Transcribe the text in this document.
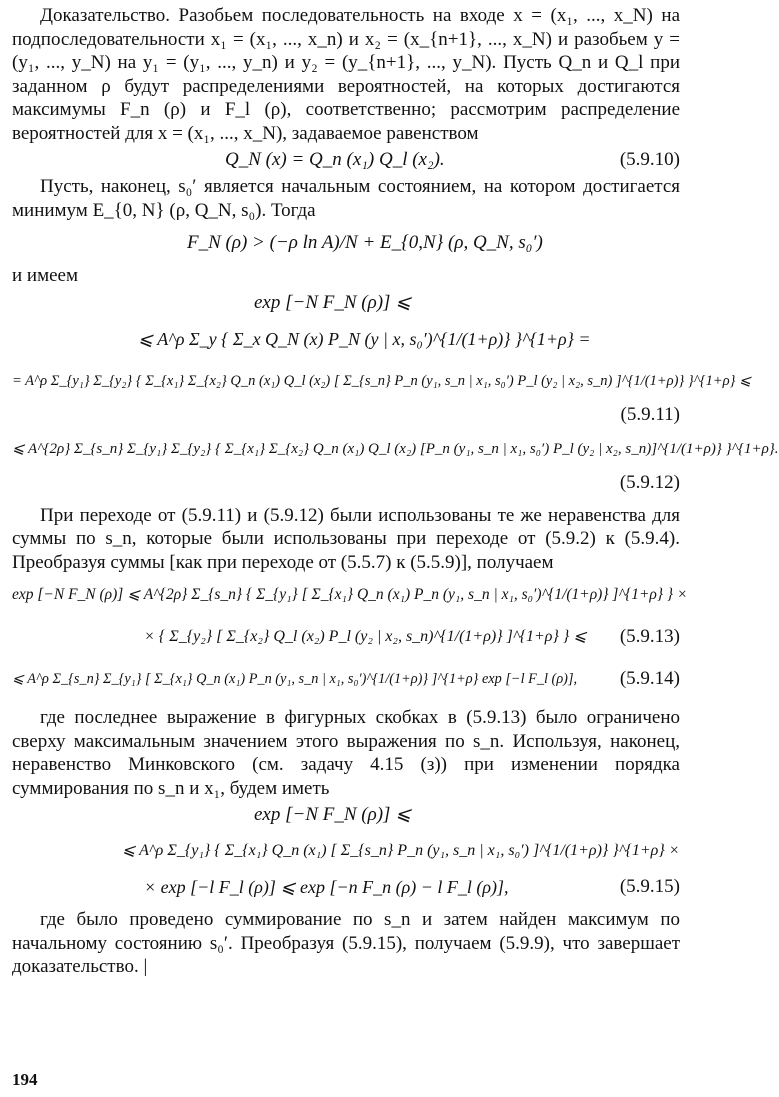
Доказательство. Разобьем последовательность на входе x = (x₁, ..., x_N) на подпоследовательности x₁ = (x₁, ..., x_n) и x₂ = (x_{n+1}, ..., x_N) и разобьем y = (y₁, ..., y_N) на y₁ = (y₁, ..., y_n) и y₂ = (y_{n+1}, ..., y_N). Пусть Q_n и Q_l при заданном ρ будут распределениями вероятностей, на которых достигаются максимумы F_n (ρ) и F_l (ρ), соответственно; рассмотрим распределение вероятностей для x = (x₁, ..., x_N), задаваемое равенством

Q_N (x) = Q_n (x₁) Q_l (x₂).	(5.9.10)

Пусть, наконец, s₀′ является начальным состоянием, на котором достигается минимум E_{0, N} (ρ, Q_N, s₀). Тогда

F_N (ρ) > (−ρ ln A)/N + E_{0,N} (ρ, Q_N, s₀′)

и имеем

exp [−N F_N (ρ)] ⩽
⩽ A^ρ Σ_y { Σ_x Q_N (x) P_N (y | x, s₀′)^{1/(1+ρ)} }^{1+ρ} =
= A^ρ Σ_{y₁} Σ_{y₂} { Σ_{x₁} Σ_{x₂} Q_n (x₁) Q_l (x₂) [ Σ_{s_n} P_n (y₁, s_n | x₁, s₀′) P_l (y₂ | x₂, s_n) ]^{1/(1+ρ)} }^{1+ρ} ⩽
(5.9.11)
⩽ A^{2ρ} Σ_{s_n} Σ_{y₁} Σ_{y₂} { Σ_{x₁} Σ_{x₂} Q_n (x₁) Q_l (x₂) [P_n (y₁, s_n | x₁, s₀′) P_l (y₂ | x₂, s_n)]^{1/(1+ρ)} }^{1+ρ}.
(5.9.12)

При переходе от (5.9.11) и (5.9.12) были использованы те же неравенства для суммы по s_n, которые были использованы при переходе от (5.9.2) к (5.9.4). Преобразуя суммы [как при переходе от (5.5.7) к (5.5.9)], получаем

exp [−N F_N (ρ)] ⩽ A^{2ρ} Σ_{s_n} { Σ_{y₁} [ Σ_{x₁} Q_n (x₁) P_n (y₁, s_n | x₁, s₀′)^{1/(1+ρ)} ]^{1+ρ} } ×
× { Σ_{y₂} [ Σ_{x₂} Q_l (x₂) P_l (y₂ | x₂, s_n)^{1/(1+ρ)} ]^{1+ρ} } ⩽ (5.9.13)
⩽ A^ρ Σ_{s_n} Σ_{y₁} [ Σ_{x₁} Q_n (x₁) P_n (y₁, s_n | x₁, s₀′)^{1/(1+ρ)} ]^{1+ρ} exp [−l F_l (ρ)], (5.9.14)

где последнее выражение в фигурных скобках в (5.9.13) было ограничено сверху максимальным значением этого выражения по s_n. Используя, наконец, неравенство Минковского (см. задачу 4.15 (з)) при изменении порядка суммирования по s_n и x₁, будем иметь

exp [−N F_N (ρ)] ⩽
⩽ A^ρ Σ_{y₁} { Σ_{x₁} Q_n (x₁) [ Σ_{s_n} P_n (y₁, s_n | x₁, s₀′) ]^{1/(1+ρ)} }^{1+ρ} ×
× exp [−l F_l (ρ)] ⩽ exp [−n F_n (ρ) − l F_l (ρ)],	(5.9.15)

где было проведено суммирование по s_n и затем найден максимум по начальному состоянию s₀′. Преобразуя (5.9.15), получаем (5.9.9), что завершает доказательство. |

194
